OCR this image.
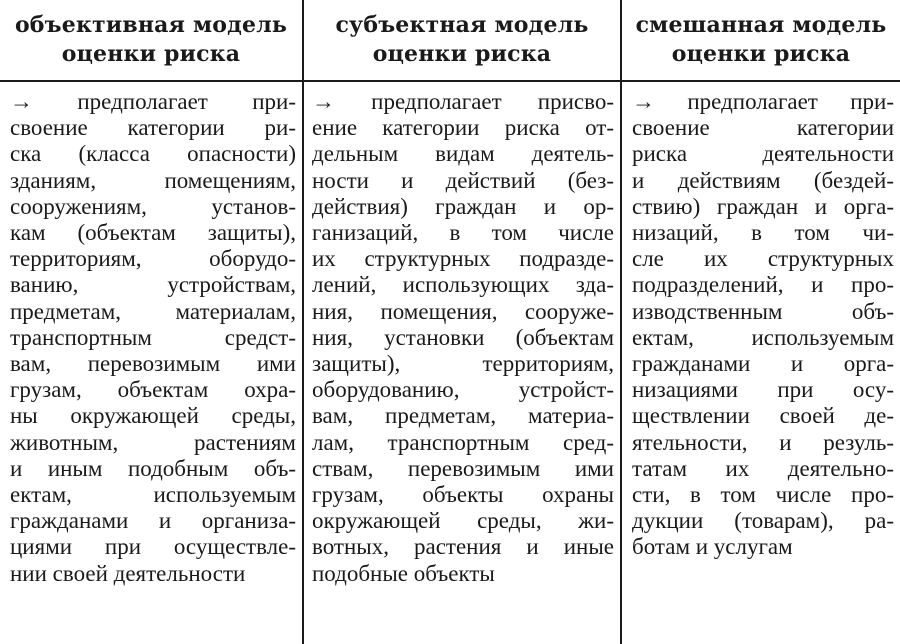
объективная модель
оценки риска
→ предполагает при-
своение категории ри-
ска (класса опасности)
зданиям, помещениям,
сооружениям, установ-
кам (объектам защиты),
территориям, оборудо-
ванию, устройствам,
предметам, материалам,
транспортным средст-
вам, перевозимым ими
грузам, объектам охра-
ны окружающей среды,
животным, растениям
и иным подобным объ-
ектам, используемым
гражданами и организа-
циями при осуществле-
нии своей деятельности
субъектная модель
оценки риска
→ предполагает присво-
ение категории риска от-
дельным видам деятель-
ности и действий (без-
действия) граждан и ор-
ганизаций, в том числе
их структурных подразде-
лений, использующих зда-
ния, помещения, сооруже-
ния, установки (объектам
защиты), территориям,
оборудованию, устройст-
вам, предметам, материа-
лам, транспортным сред-
ствам, перевозимым ими
грузам, объекты охраны
окружающей среды, жи-
вотных, растения и иные
подобные объекты
смешанная модель
оценки риска
→ предполагает при-
своение категории
риска деятельности
и действиям (бездей-
ствию) граждан и орга-
низаций, в том чи-
сле их структурных
подразделений, и про-
изводственным объ-
ектам, используемым
гражданами и орга-
низациями при осу-
ществлении своей де-
ятельности, и резуль-
татам их деятельно-
сти, в том числе про-
дукции (товарам), ра-
ботам и услугам
